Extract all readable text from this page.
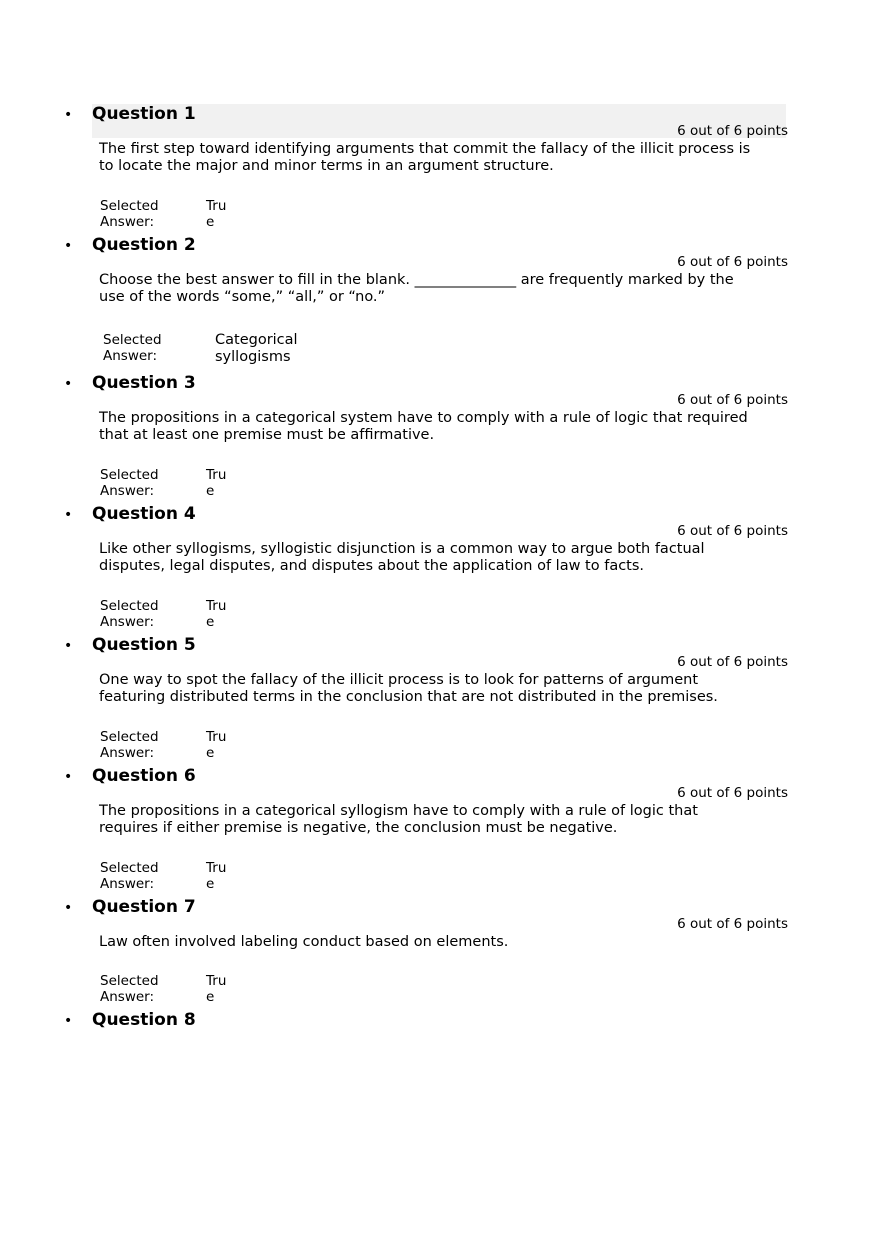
• Question 1
6 out of 6 points
The first step toward identifying arguments that commit the fallacy of the illicit process is to locate the major and minor terms in an argument structure.
Selected Answer:
True
• Question 2
6 out of 6 points
Choose the best answer to fill in the blank. ______________ are frequently marked by the use of the words “some,” “all,” or “no.”
Selected Answer:
Categorical syllogisms
• Question 3
6 out of 6 points
The propositions in a categorical system have to comply with a rule of logic that required that at least one premise must be afﬁrmative.
Selected Answer:
True
• Question 4
6 out of 6 points
Like other syllogisms, syllogistic disjunction is a common way to argue both factual disputes, legal disputes, and disputes about the application of law to facts.
Selected Answer:
True
• Question 5
6 out of 6 points
One way to spot the fallacy of the illicit process is to look for patterns of argument featuring distributed terms in the conclusion that are not distributed in the premises.
Selected Answer:
True
• Question 6
6 out of 6 points
The propositions in a categorical syllogism have to comply with a rule of logic that requires if either premise is negative, the conclusion must be negative.
Selected Answer:
True
• Question 7
6 out of 6 points
Law often involved labeling conduct based on elements.
Selected Answer:
True
• Question 8
